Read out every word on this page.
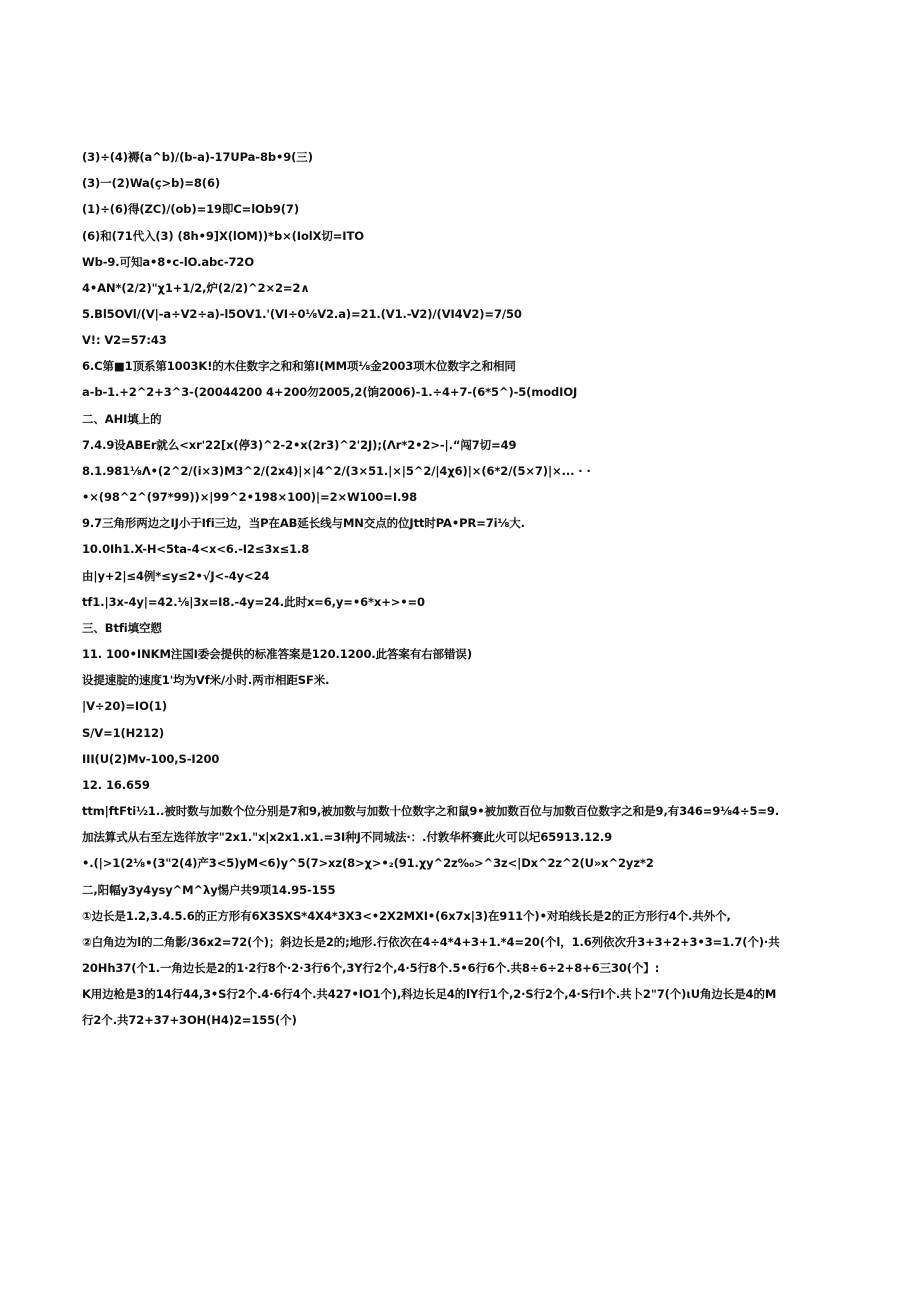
(3)÷(4)褥(a^b)/(b-a)-17UPa-8b•9(三)
(3)一(2)Wa(ç>b)=8(6)
(1)÷(6)得(ZC)/(ob)=19即C=lOb9(7)
(6)和(71代入(3) (8h•9]X(lOM))*b×(IolX切=ITO
Wb-9.可知a•8•c-lO.abc-72O
4•AN*(2/2)"χ1+1/2,炉(2/2)^2×2=2∧
5.Bl5OVl/(V|-a÷V2÷a)-l5OV1.'(VI÷0⅛V2.a)=21.(V1.-V2)/(VI4V2)=7/50
V!: V2=57:43
6.C第■1顶系第1003K!的木住数字之和和第I(MM项⅛金2003项木位数字之和相同
a-b-1.+2^2+3^3-(20044200 4+200勿2005,2(饷2006)-1.÷4+7-(6*5^)-5(modIOJ
二、AHI填上的
7.4.9设ABEr就么<xr'22[x(停3)^2-2•x(2r3)^2'2J);(Λr*2•2>-|.“闯7切=49
8.1.981⅛Λ•(2^2/(i×3)M3^2/(2x4)|×|4^2/(3×51.|×|5^2/|4χ6)|×(6*2/(5×7)|×... · ·
•×(98^2^(97*99))×|99^2•198×100)|=2×W100=I.98
9.7三角形两边之IJ小于Ifi三边，当P在AB延长线与MN交点的位Jtt时PA•PR=7i⅛大.
10.0Ih1.X-H<5ta-4<x<6.-I2≤3x≤1.8
由|y+2|≤4例*≤y≤2•√J<-4y<24
tf1.|3x-4y|=42.⅛|3x=I8.-4y=24.此时x=6,y=•6*x+>•=0
三、Btfi填空愬
11. 100•INKM注国I委会提供的标准答案是120.1200.此答案有右部错误)
设提速腚的速度1'均为Vf米/小时.两市相距SF米.
|V÷20)=IO(1)
S/V=1(H212)
III(U(2)Mv-100,S-I200
12. 16.659
ttm|ftFti½1..被时数与加数个位分别是7和9,被加数与加数十位数字之和鼠9•被加数百位与加数百位数字之和是9,有346=9⅛4÷5=9.
加法算式从右至左选徉放字"2x1."x|x2x1.x1.=3I种J不同城法·：.付敦华杯赛此火可以圮65913.12.9
•.(|>1(2⅛•(3"2(4)产3<5)yM<6)y^5(7>xz(8>χ>•₂(91.χy^2z‰>^3z<|Dx^2z^2(U»x^2yz*2
二,阳幅y3y4ysy^M^λy惕户共9项14.95-155
①边长是1.2,3.4.5.6的正方形有6X3SXS*4X4*3X3<•2X2MXI•(6x7x|3)在911个)•对珀线长是2的正方形行4个.共外个,
②白角边为l的二角影/36x2=72(个)；斜边长是2的;地形.行依次在4÷4*4+3+1.*4=20(个l，1.6列依次升3+3+2+3•3=1.7(个)·共
20Hh37(个1.一角边长是2的1·2行8个·2·3行6个,3Y行2个,4·5行8个.5•6行6个.共8÷6÷2+8+6三30(个】:
K用边枪是3的14行44,3•S行2个.4·6行4个.共427•IO1个),科边长足4的lY行1个,2·S行2个,4·S行I个.共卜2"7(个)ιU角边长是4的M
行2个.共72+37+3OH(H4)2=155(个)
